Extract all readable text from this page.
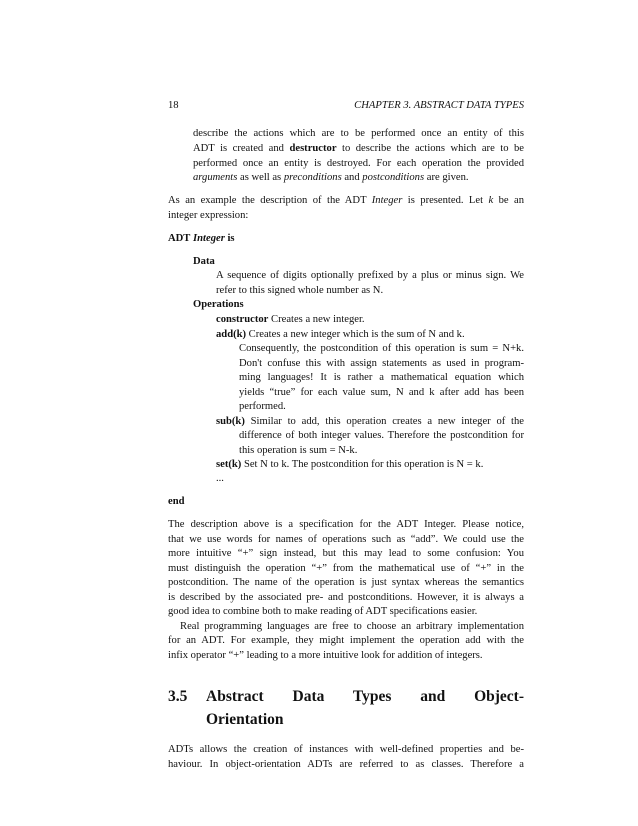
18	CHAPTER 3. ABSTRACT DATA TYPES
describe the actions which are to be performed once an entity of this
ADT is created and destructor to describe the actions which are to be
performed once an entity is destroyed. For each operation the provided
arguments as well as preconditions and postconditions are given.
As an example the description of the ADT Integer is presented. Let k be an
integer expression:
ADT Integer is
Data
A sequence of digits optionally prefixed by a plus or minus sign. We
refer to this signed whole number as N.
Operations
constructor Creates a new integer.
add(k) Creates a new integer which is the sum of N and k.
Consequently, the postcondition of this operation is sum = N+k.
Don't confuse this with assign statements as used in program-
ming languages! It is rather a mathematical equation which
yields “true” for each value sum, N and k after add has been
performed.
sub(k) Similar to add, this operation creates a new integer of the
difference of both integer values. Therefore the postcondition for
this operation is sum = N-k.
set(k) Set N to k. The postcondition for this operation is N = k.
...
end
The description above is a specification for the ADT Integer. Please notice,
that we use words for names of operations such as “add”. We could use the
more intuitive “+” sign instead, but this may lead to some confusion: You
must distinguish the operation “+” from the mathematical use of “+” in the
postcondition. The name of the operation is just syntax whereas the semantics
is described by the associated pre- and postconditions. However, it is always a
good idea to combine both to make reading of ADT specifications easier.
Real programming languages are free to choose an arbitrary implementation
for an ADT. For example, they might implement the operation add with the
infix operator “+” leading to a more intuitive look for addition of integers.
3.5 Abstract Data Types and Object-
Orientation
ADTs allows the creation of instances with well-defined properties and be-
haviour. In object-orientation ADTs are referred to as classes. Therefore a
